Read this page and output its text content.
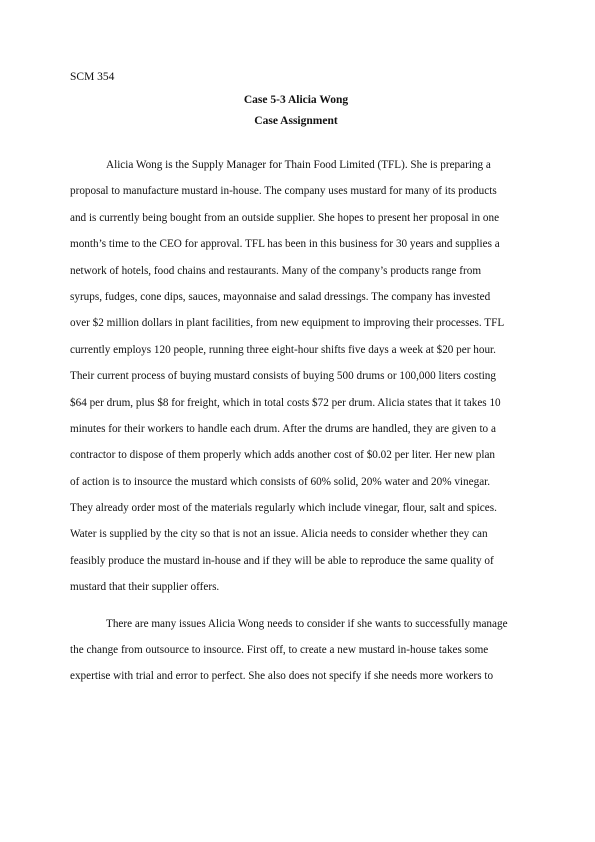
SCM 354
Case 5-3 Alicia Wong
Case Assignment
Alicia Wong is the Supply Manager for Thain Food Limited (TFL). She is preparing a
proposal to manufacture mustard in-house. The company uses mustard for many of its products
and is currently being bought from an outside supplier. She hopes to present her proposal in one
month’s time to the CEO for approval. TFL has been in this business for 30 years and supplies a
network of hotels, food chains and restaurants. Many of the company’s products range from
syrups, fudges, cone dips, sauces, mayonnaise and salad dressings. The company has invested
over $2 million dollars in plant facilities, from new equipment to improving their processes. TFL
currently employs 120 people, running three eight-hour shifts five days a week at $20 per hour.
Their current process of buying mustard consists of buying 500 drums or 100,000 liters costing
$64 per drum, plus $8 for freight, which in total costs $72 per drum. Alicia states that it takes 10
minutes for their workers to handle each drum. After the drums are handled, they are given to a
contractor to dispose of them properly which adds another cost of $0.02 per liter. Her new plan
of action is to insource the mustard which consists of 60% solid, 20% water and 20% vinegar.
They already order most of the materials regularly which include vinegar, flour, salt and spices.
Water is supplied by the city so that is not an issue. Alicia needs to consider whether they can
feasibly produce the mustard in-house and if they will be able to reproduce the same quality of
mustard that their supplier offers.
There are many issues Alicia Wong needs to consider if she wants to successfully manage
the change from outsource to insource. First off, to create a new mustard in-house takes some
expertise with trial and error to perfect. She also does not specify if she needs more workers to
